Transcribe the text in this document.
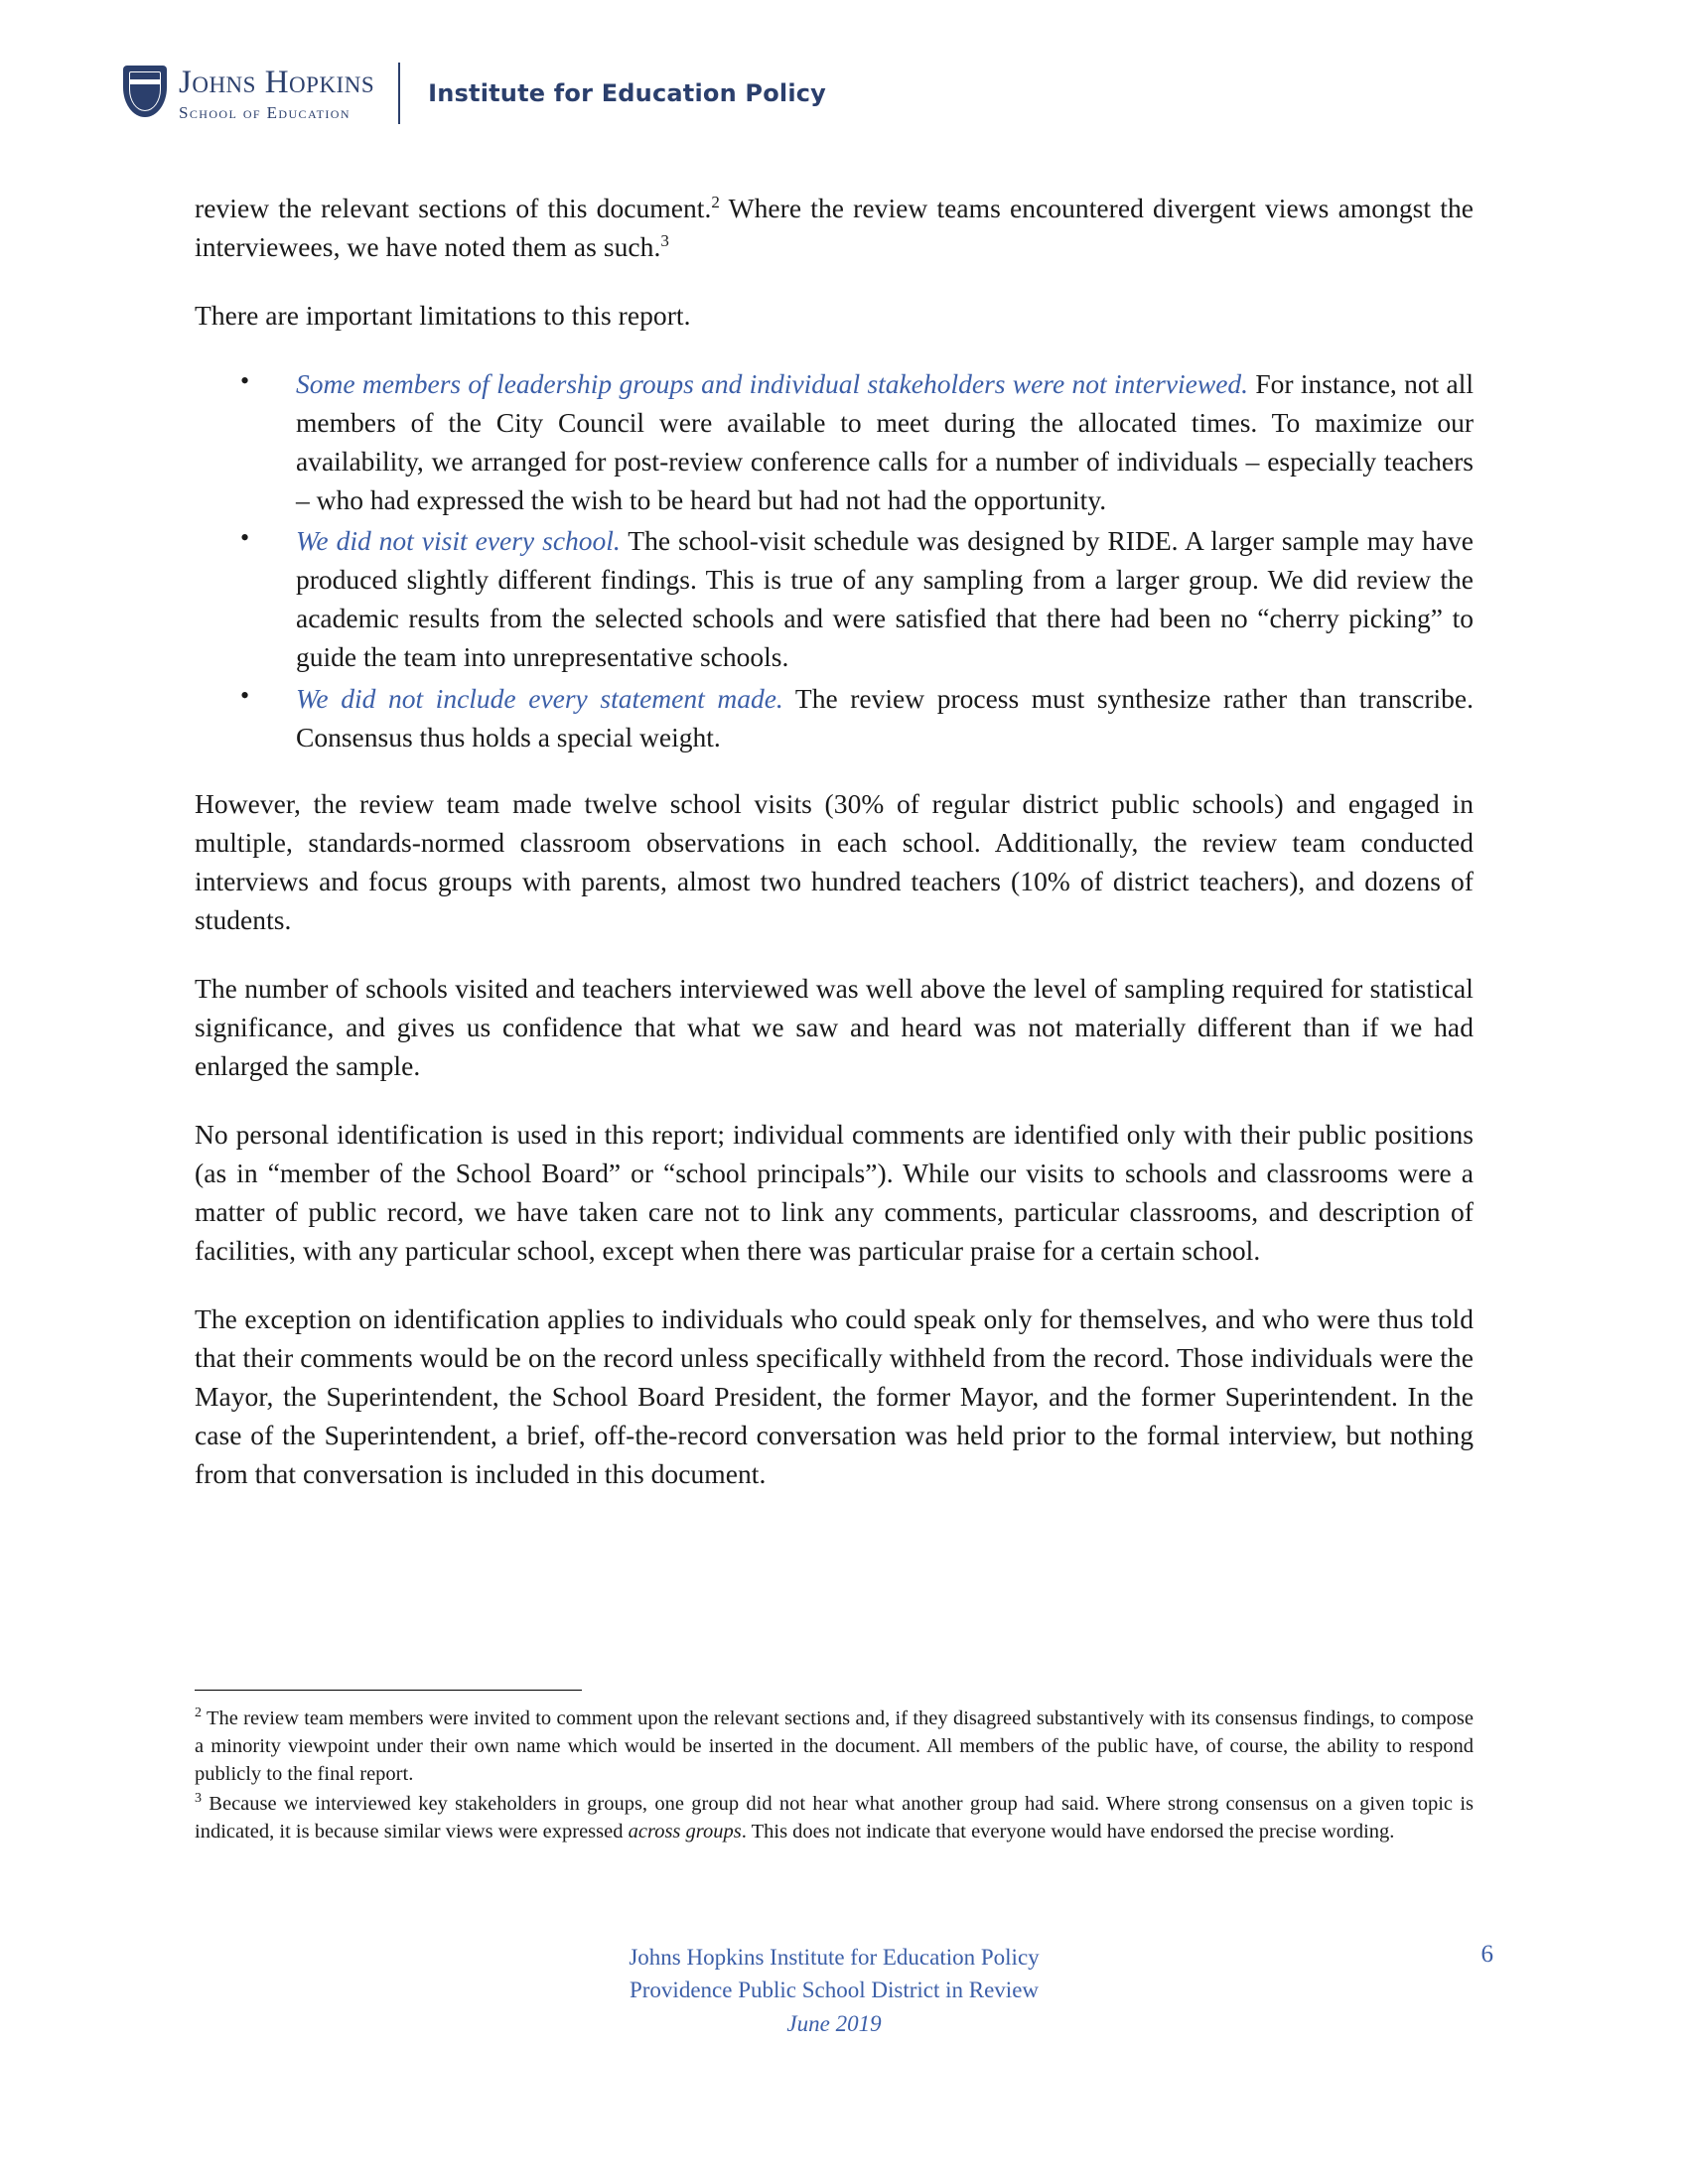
Johns Hopkins
School of Education
Institute for Education Policy

review the relevant sections of this document.$^2$ Where the review teams encountered divergent views amongst the interviewees, we have noted them as such.$^3$

There are important limitations to this report.

• Some members of leadership groups and individual stakeholders were not interviewed. For instance, not all members of the City Council were available to meet during the allocated times. To maximize our availability, we arranged for post-review conference calls for a number of individuals – especially teachers – who had expressed the wish to be heard but had not had the opportunity.
• We did not visit every school. The school-visit schedule was designed by RIDE. A larger sample may have produced slightly different findings. This is true of any sampling from a larger group. We did review the academic results from the selected schools and were satisfied that there had been no “cherry picking” to guide the team into unrepresentative schools.
• We did not include every statement made. The review process must synthesize rather than transcribe. Consensus thus holds a special weight.

However, the review team made twelve school visits (30% of regular district public schools) and engaged in multiple, standards-normed classroom observations in each school. Additionally, the review team conducted interviews and focus groups with parents, almost two hundred teachers (10% of district teachers), and dozens of students.

The number of schools visited and teachers interviewed was well above the level of sampling required for statistical significance, and gives us confidence that what we saw and heard was not materially different than if we had enlarged the sample.

No personal identification is used in this report; individual comments are identified only with their public positions (as in “member of the School Board” or “school principals”). While our visits to schools and classrooms were a matter of public record, we have taken care not to link any comments, particular classrooms, and description of facilities, with any particular school, except when there was particular praise for a certain school.

The exception on identification applies to individuals who could speak only for themselves, and who were thus told that their comments would be on the record unless specifically withheld from the record. Those individuals were the Mayor, the Superintendent, the School Board President, the former Mayor, and the former Superintendent. In the case of the Superintendent, a brief, off-the-record conversation was held prior to the formal interview, but nothing from that conversation is included in this document.

$^2$ The review team members were invited to comment upon the relevant sections and, if they disagreed substantively with its consensus findings, to compose a minority viewpoint under their own name which would be inserted in the document. All members of the public have, of course, the ability to respond publicly to the final report.

$^3$ Because we interviewed key stakeholders in groups, one group did not hear what another group had said. Where strong consensus on a given topic is indicated, it is because similar views were expressed across groups. This does not indicate that everyone would have endorsed the precise wording.

Johns Hopkins Institute for Education Policy
Providence Public School District in Review
June 2019
6
